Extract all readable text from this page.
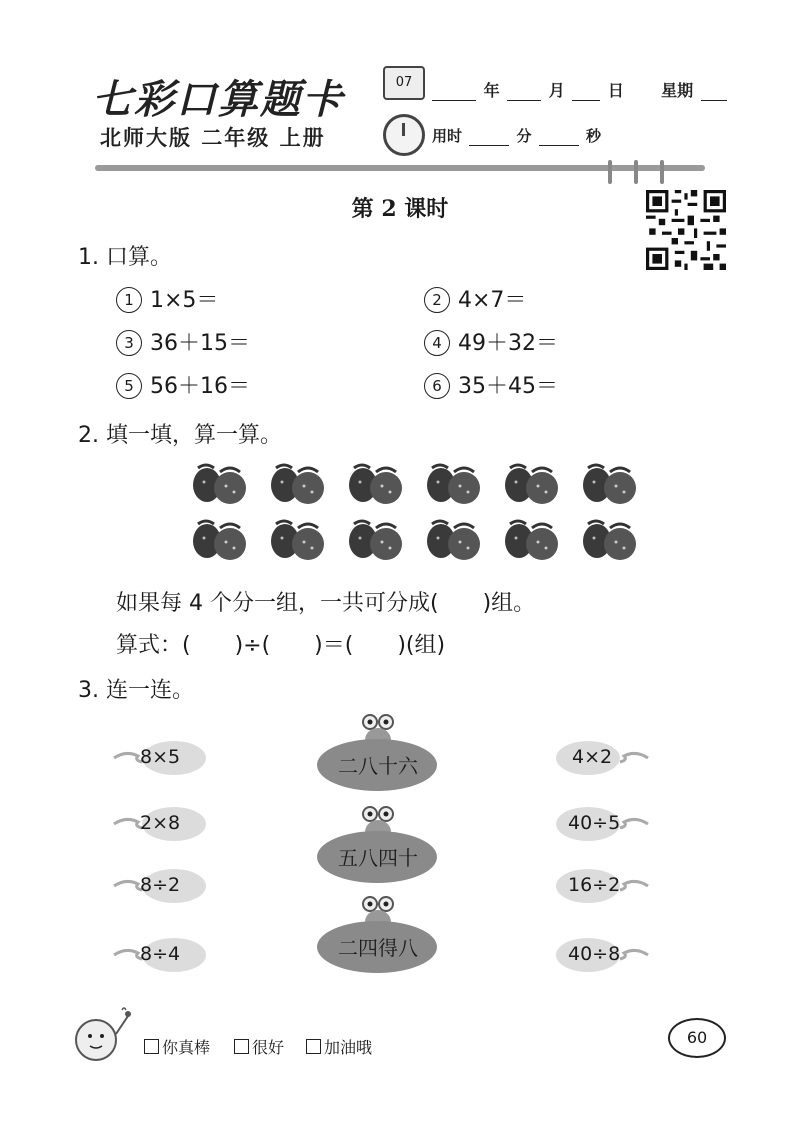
七彩口算题卡
北师大版 二年级 上册
07	年	月	日 星期
用时	分	秒
第 2 课时
1. 口算。
1 1×5＝	2 4×7＝
3 36＋15＝	4 49＋32＝
5 56＋16＝	6 35＋45＝
2. 填一填，算一算。
如果每 4 个分一组，一共可分成(　　)组。
算式：(　　)÷(　　)＝(　　)(组)
3. 连一连。
8×5
2×8
8÷2
8÷4
二八十六
五八四十
二四得八
4×2
40÷5
16÷2
40÷8
你真棒	很好	加油哦
60
